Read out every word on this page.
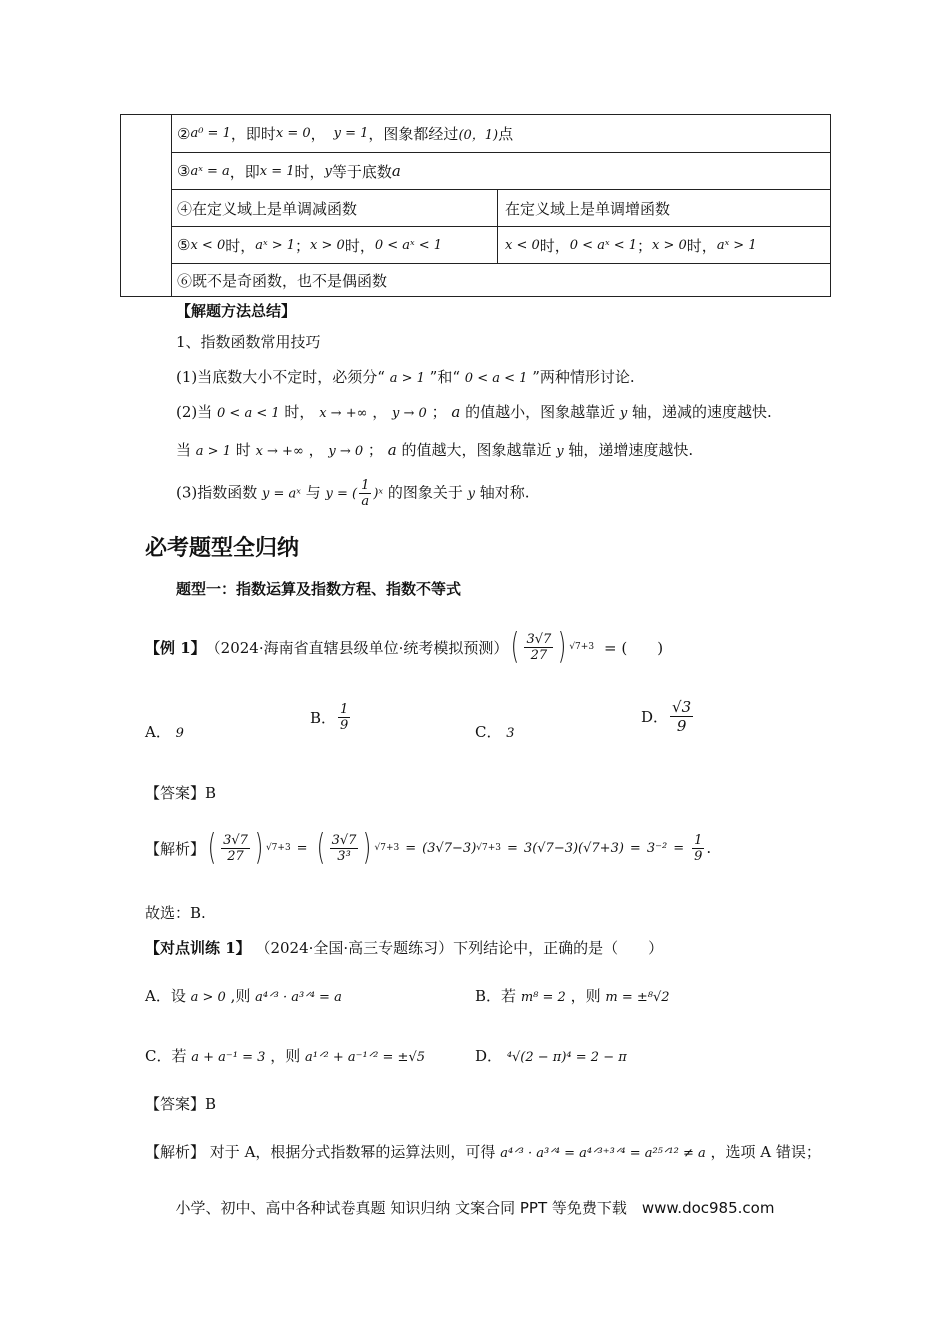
② a⁰ = 1 ，即时 x = 0 ， y = 1 ，图象都经过 (0，1) 点
③ aˣ = a ，即 x = 1 时， y 等于底数 a
④在定义域上是单调减函数	在定义域上是单调增函数
⑤ x < 0 时， aˣ > 1 ； x > 0 时， 0 < aˣ < 1	x < 0 时， 0 < aˣ < 1 ； x > 0 时， aˣ > 1
⑥既不是奇函数，也不是偶函数
【解题方法总结】
1、指数函数常用技巧
(1)当底数大小不定时，必须分“ a > 1 ”和“ 0 < a < 1 ”两种情形讨论.
(2)当 0 < a < 1 时， x → +∞ ， y → 0 ； a 的值越小，图象越靠近 y 轴，递减的速度越快.
当 a > 1 时 x → +∞ ， y → 0 ； a 的值越大，图象越靠近 y 轴，递增速度越快.
(3)指数函数 y = aˣ 与 y = ( $\frac{1}{a}$ )ˣ 的图象关于 y 轴对称.
必考题型全归纳
题型一：指数运算及指数方程、指数不等式
【例 1】 （2024·海南省直辖县级单位·统考模拟预测） ( $\frac{3√7}{27}$ ) √7+3 = (　　)
A． 9
B． $\frac{1}{9}$	C． 3
D． $\frac{√3}{9}$
【答案】B
【解析】 ( $\frac{3√7}{27}$ ) √7+3 = ( $\frac{3√7}{\text{3³}}$ ) √7+3 = (3√7−3) $√7+3 = 3(√7-3)(√7+3) = 3^{-2} = \frac{1}{9}$ .
故选：B.
【对点训练 1】 （2024·全国·高三专题练习）下列结论中，正确的是（　　）
A．设 a > 0 ,则 a⁴ᐟ³ · a³ᐟ⁴ = a	B．若 m⁸ = 2 ，则 m = ±⁸√2
C．若 a + a⁻¹ = 3 ，则 a¹ᐟ² + a⁻¹ᐟ² = ±√5	D． ⁴√(2 − π)⁴ = 2 − π
【答案】B
【解析】 对于 A，根据分式指数幂的运算法则，可得 a⁴ᐟ³ · a³ᐟ⁴ = a⁴ᐟ³⁺³ᐟ⁴ = a²⁵ᐟ¹² ≠ a ，选项 A 错误；
小学、初中、高中各种试卷真题 知识归纳 文案合同 PPT 等免费下载　www.doc985.com
